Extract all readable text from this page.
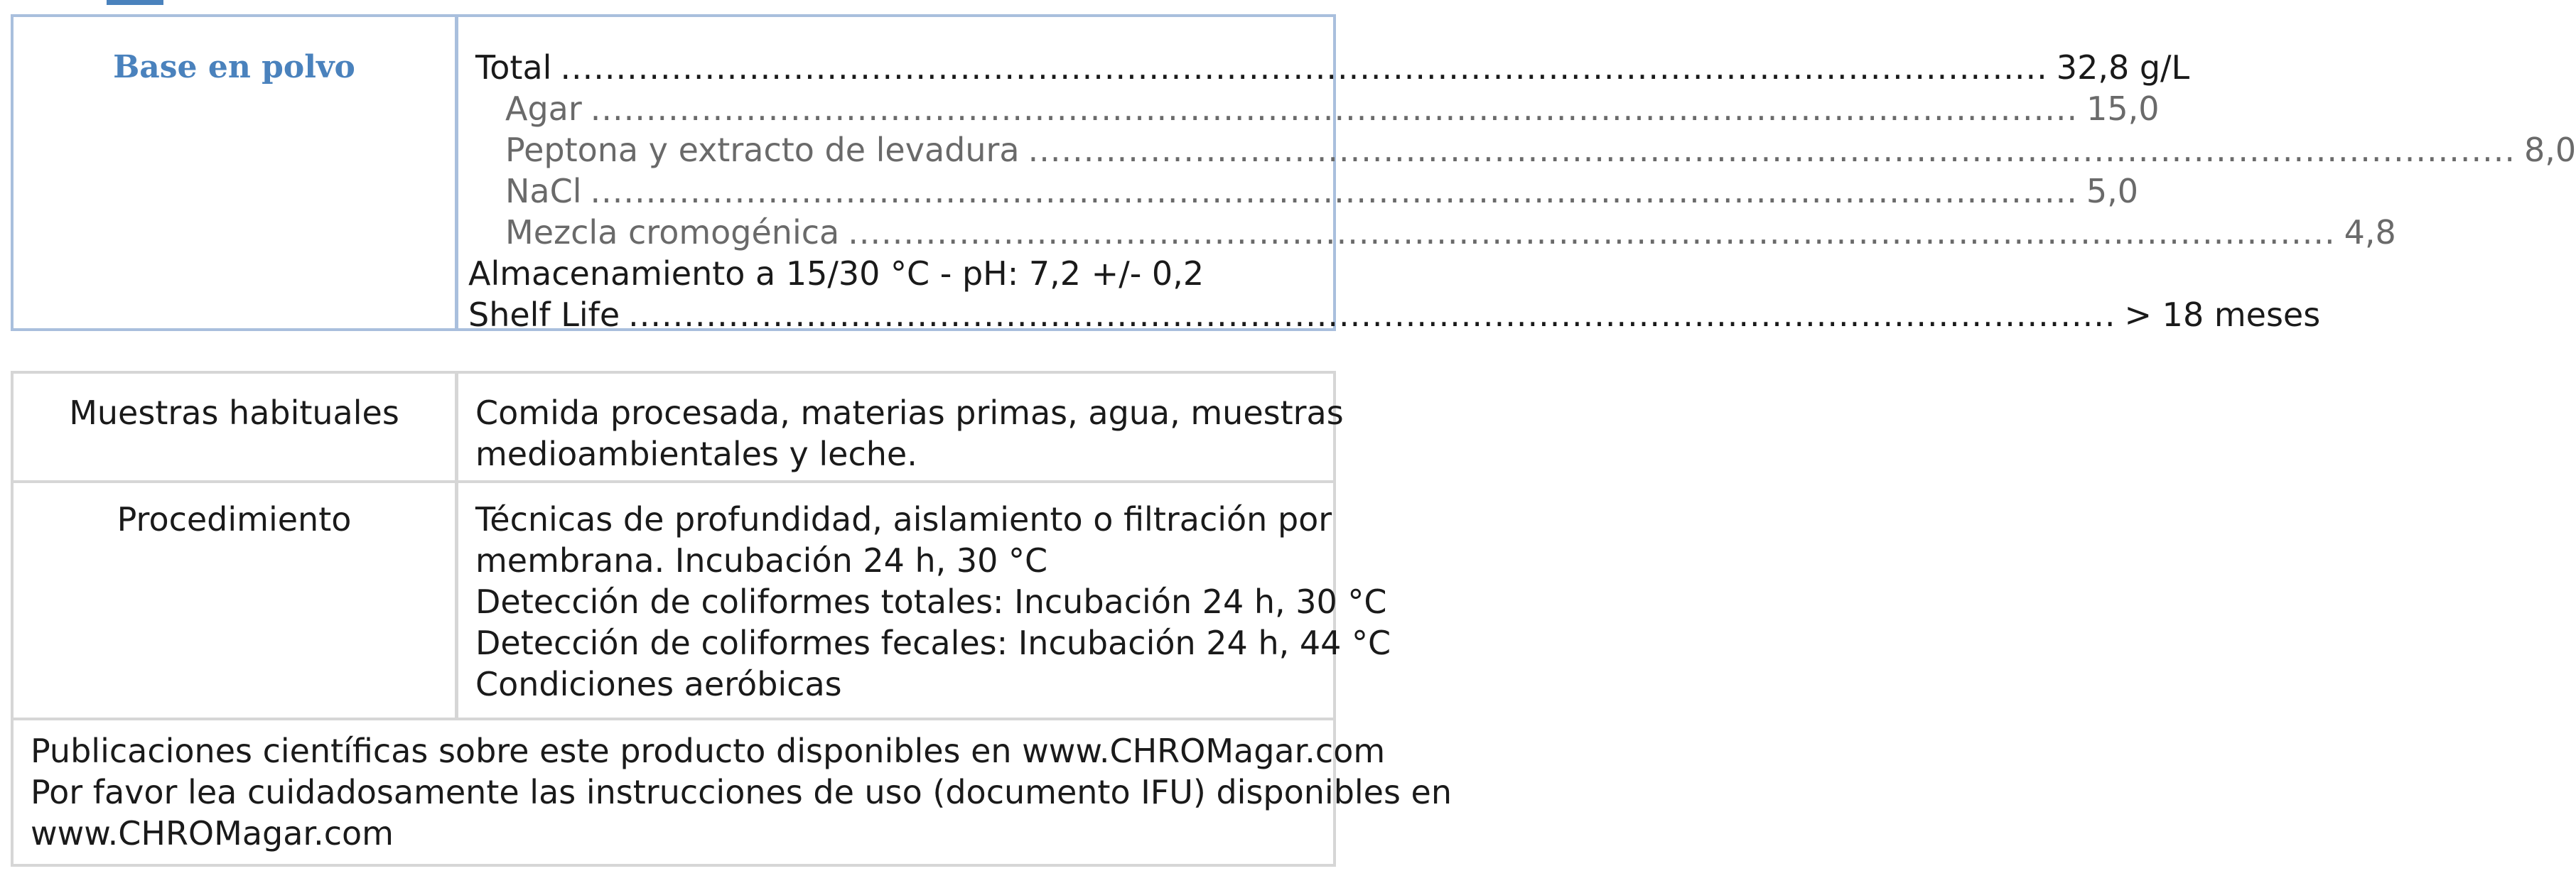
Base en polvo	Total ...................................................................................................................................... 32,8 g/L
Agar ...................................................................................................................................... 15,0
Peptona y extracto de levadura ...................................................................................................................................... 8,0
NaCl ...................................................................................................................................... 5,0
Mezcla cromogénica ...................................................................................................................................... 4,8
Almacenamiento a 15/30 °C - pH: 7,2 +/- 0,2
Shelf Life ...................................................................................................................................... > 18 meses
Muestras habituales	Comida procesada, materias primas, agua, muestras
medioambientales y leche.
Procedimiento	Técnicas de profundidad, aislamiento o filtración por
membrana. Incubación 24 h, 30 °C
Detección de coliformes totales: Incubación 24 h, 30 °C
Detección de coliformes fecales: Incubación 24 h, 44 °C
Condiciones aeróbicas
Publicaciones científicas sobre este producto disponibles en www.CHROMagar.com
Por favor lea cuidadosamente las instrucciones de uso (documento IFU) disponibles en
www.CHROMagar.com
